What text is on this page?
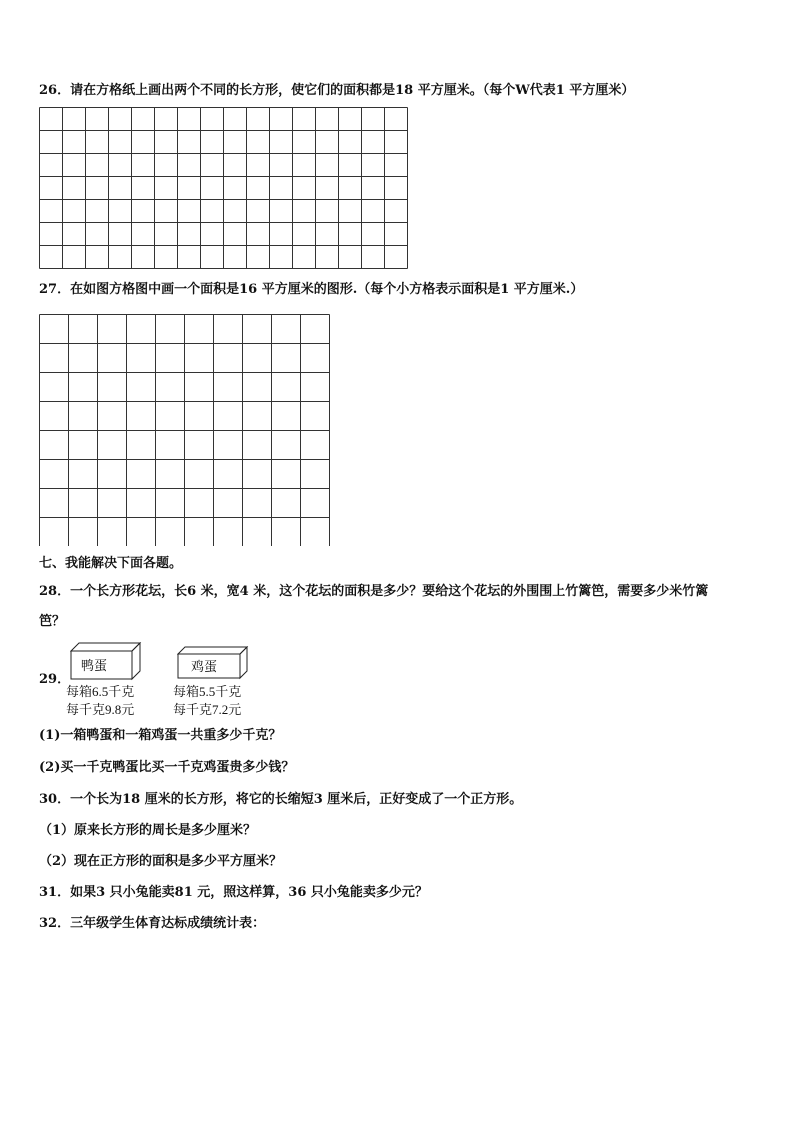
26．请在方格纸上画出两个不同的长方形，使它们的面积都是18 平方厘米。（每个W代表1 平方厘米）
27．在如图方格图中画一个面积是16 平方厘米的图形.（每个小方格表示面积是1 平方厘米.）
七、我能解决下面各题。
28．一个长方形花坛，长6 米，宽4 米，这个花坛的面积是多少？要给这个花坛的外围围上竹篱笆，需要多少米竹篱
笆？
29．
鸭蛋
每箱6.5千克
每千克9.8元
鸡蛋
每箱5.5千克
每千克7.2元
(1)一箱鸭蛋和一箱鸡蛋一共重多少千克？
(2)买一千克鸭蛋比买一千克鸡蛋贵多少钱？
30．一个长为18 厘米的长方形，将它的长缩短3 厘米后，正好变成了一个正方形。
（1）原来长方形的周长是多少厘米？
（2）现在正方形的面积是多少平方厘米？
31．如果3 只小兔能卖81 元，照这样算，36 只小兔能卖多少元？
32．三年级学生体育达标成绩统计表：
